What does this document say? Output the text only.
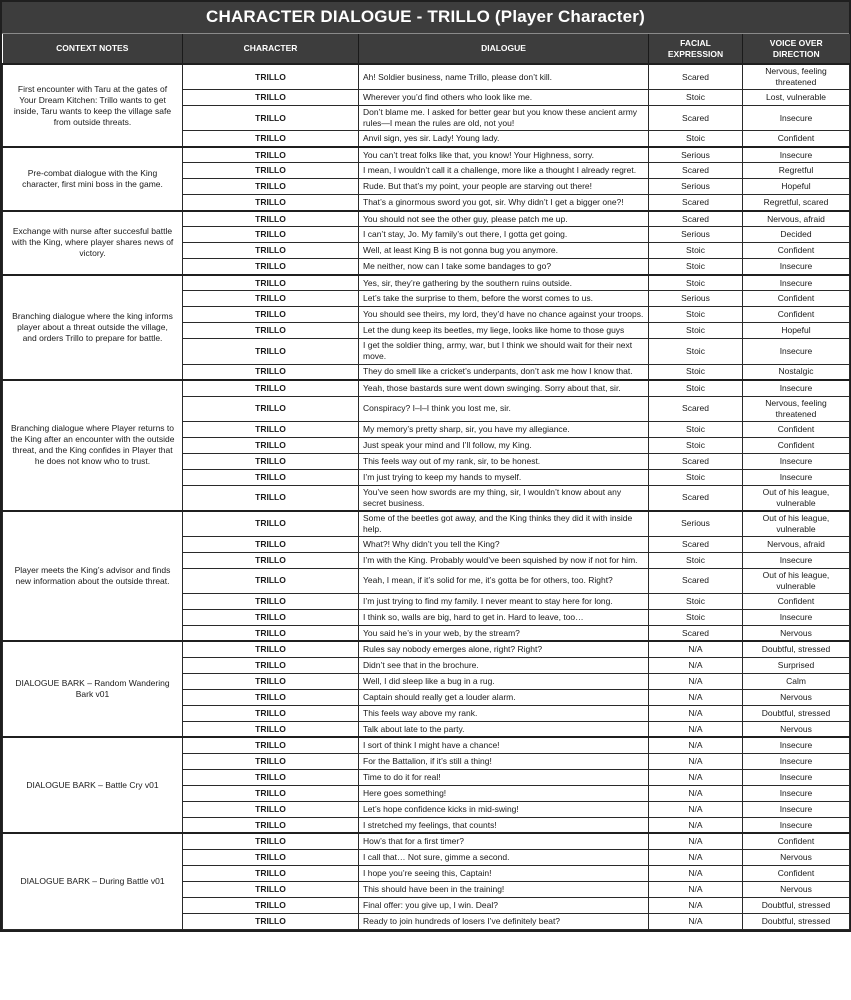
CHARACTER DIALOGUE - TRILLO (Player Character)
CONTEXT NOTES	CHARACTER	DIALOGUE	FACIAL EXPRESSION	VOICE OVER DIRECTION
First encounter with Taru at the gates of Your Dream Kitchen: Trillo wants to get inside, Taru wants to keep the village safe from outside threats.	TRILLO	Ah! Soldier business, name Trillo, please don’t kill.	Scared	Nervous, feeling threatened
	TRILLO	Wherever you’d find others who look like me.	Stoic	Lost, vulnerable
	TRILLO	Don’t blame me. I asked for better gear but you know these ancient army rules—I mean the rules are old, not you!	Scared	Insecure
	TRILLO	Anvil sign, yes sir. Lady! Young lady.	Stoic	Confident
Pre-combat dialogue with the King character, first mini boss in the game.	TRILLO	You can’t treat folks like that, you know! Your Highness, sorry.	Serious	Insecure
	TRILLO	I mean, I wouldn’t call it a challenge, more like a thought I already regret.	Scared	Regretful
	TRILLO	Rude. But that’s my point, your people are starving out there!	Serious	Hopeful
	TRILLO	That’s a ginormous sword you got, sir. Why didn’t I get a bigger one?!	Scared	Regretful, scared
Exchange with nurse after succesful battle with the King, where player shares news of victory.	TRILLO	You should not see the other guy, please patch me up.	Scared	Nervous, afraid
	TRILLO	I can’t stay, Jo. My family’s out there, I gotta get going.	Serious	Decided
	TRILLO	Well, at least King B is not gonna bug you anymore.	Stoic	Confident
	TRILLO	Me neither, now can I take some bandages to go?	Stoic	Insecure
Branching dialogue where the king informs player about a threat outside the village, and orders Trillo to prepare for battle.	TRILLO	Yes, sir, they’re gathering by the southern ruins outside.	Stoic	Insecure
	TRILLO	Let’s take the surprise to them, before the worst comes to us.	Serious	Confident
	TRILLO	You should see theirs, my lord, they’d have no chance against your troops.	Stoic	Confident
	TRILLO	Let the dung keep its beetles, my liege, looks like home to those guys	Stoic	Hopeful
	TRILLO	I get the soldier thing, army, war, but I think we should wait for their next move.	Stoic	Insecure
	TRILLO	They do smell like a cricket’s underpants, don’t ask me how I know that.	Stoic	Nostalgic
Branching dialogue where Player returns to the King after an encounter with the outside threat, and the King confides in Player that he does not know who to trust.	TRILLO	Yeah, those bastards sure went down swinging. Sorry about that, sir.	Stoic	Insecure
	TRILLO	Conspiracy? I–I–I think you lost me, sir.	Scared	Nervous, feeling threatened
	TRILLO	My memory’s pretty sharp, sir, you have my allegiance.	Stoic	Confident
	TRILLO	Just speak your mind and I’ll follow, my King.	Stoic	Confident
	TRILLO	This feels way out of my rank, sir, to be honest.	Scared	Insecure
	TRILLO	I’m just trying to keep my hands to myself.	Stoic	Insecure
	TRILLO	You’ve seen how swords are my thing, sir, I wouldn’t know about any secret business.	Scared	Out of his league, vulnerable
Player meets the King’s advisor and finds new information about the outside threat.	TRILLO	Some of the beetles got away, and the King thinks they did it with inside help.	Serious	Out of his league, vulnerable
	TRILLO	What?! Why didn’t you tell the King?	Scared	Nervous, afraid
	TRILLO	I’m with the King. Probably would’ve been squished by now if not for him.	Stoic	Insecure
	TRILLO	Yeah, I mean, if it’s solid for me, it’s gotta be for others, too. Right?	Scared	Out of his league, vulnerable
	TRILLO	I’m just trying to find my family. I never meant to stay here for long.	Stoic	Confident
	TRILLO	I think so, walls are big, hard to get in. Hard to leave, too…	Stoic	Insecure
	TRILLO	You said he’s in your web, by the stream?	Scared	Nervous
DIALOGUE BARK – Random Wandering Bark v01	TRILLO	Rules say nobody emerges alone, right? Right?	N/A	Doubtful, stressed
	TRILLO	Didn’t see that in the brochure.	N/A	Surprised
	TRILLO	Well, I did sleep like a bug in a rug.	N/A	Calm
	TRILLO	Captain should really get a louder alarm.	N/A	Nervous
	TRILLO	This feels way above my rank.	N/A	Doubtful, stressed
	TRILLO	Talk about late to the party.	N/A	Nervous
DIALOGUE BARK – Battle Cry v01	TRILLO	I sort of think I might have a chance!	N/A	Insecure
	TRILLO	For the Battalion, if it’s still a thing!	N/A	Insecure
	TRILLO	Time to do it for real!	N/A	Insecure
	TRILLO	Here goes something!	N/A	Insecure
	TRILLO	Let’s hope confidence kicks in mid-swing!	N/A	Insecure
	TRILLO	I stretched my feelings, that counts!	N/A	Insecure
DIALOGUE BARK – During Battle v01	TRILLO	How’s that for a first timer?	N/A	Confident
	TRILLO	I call that… Not sure, gimme a second.	N/A	Nervous
	TRILLO	I hope you’re seeing this, Captain!	N/A	Confident
	TRILLO	This should have been in the training!	N/A	Nervous
	TRILLO	Final offer: you give up, I win. Deal?	N/A	Doubtful, stressed
	TRILLO	Ready to join hundreds of losers I’ve definitely beat?	N/A	Doubtful, stressed
